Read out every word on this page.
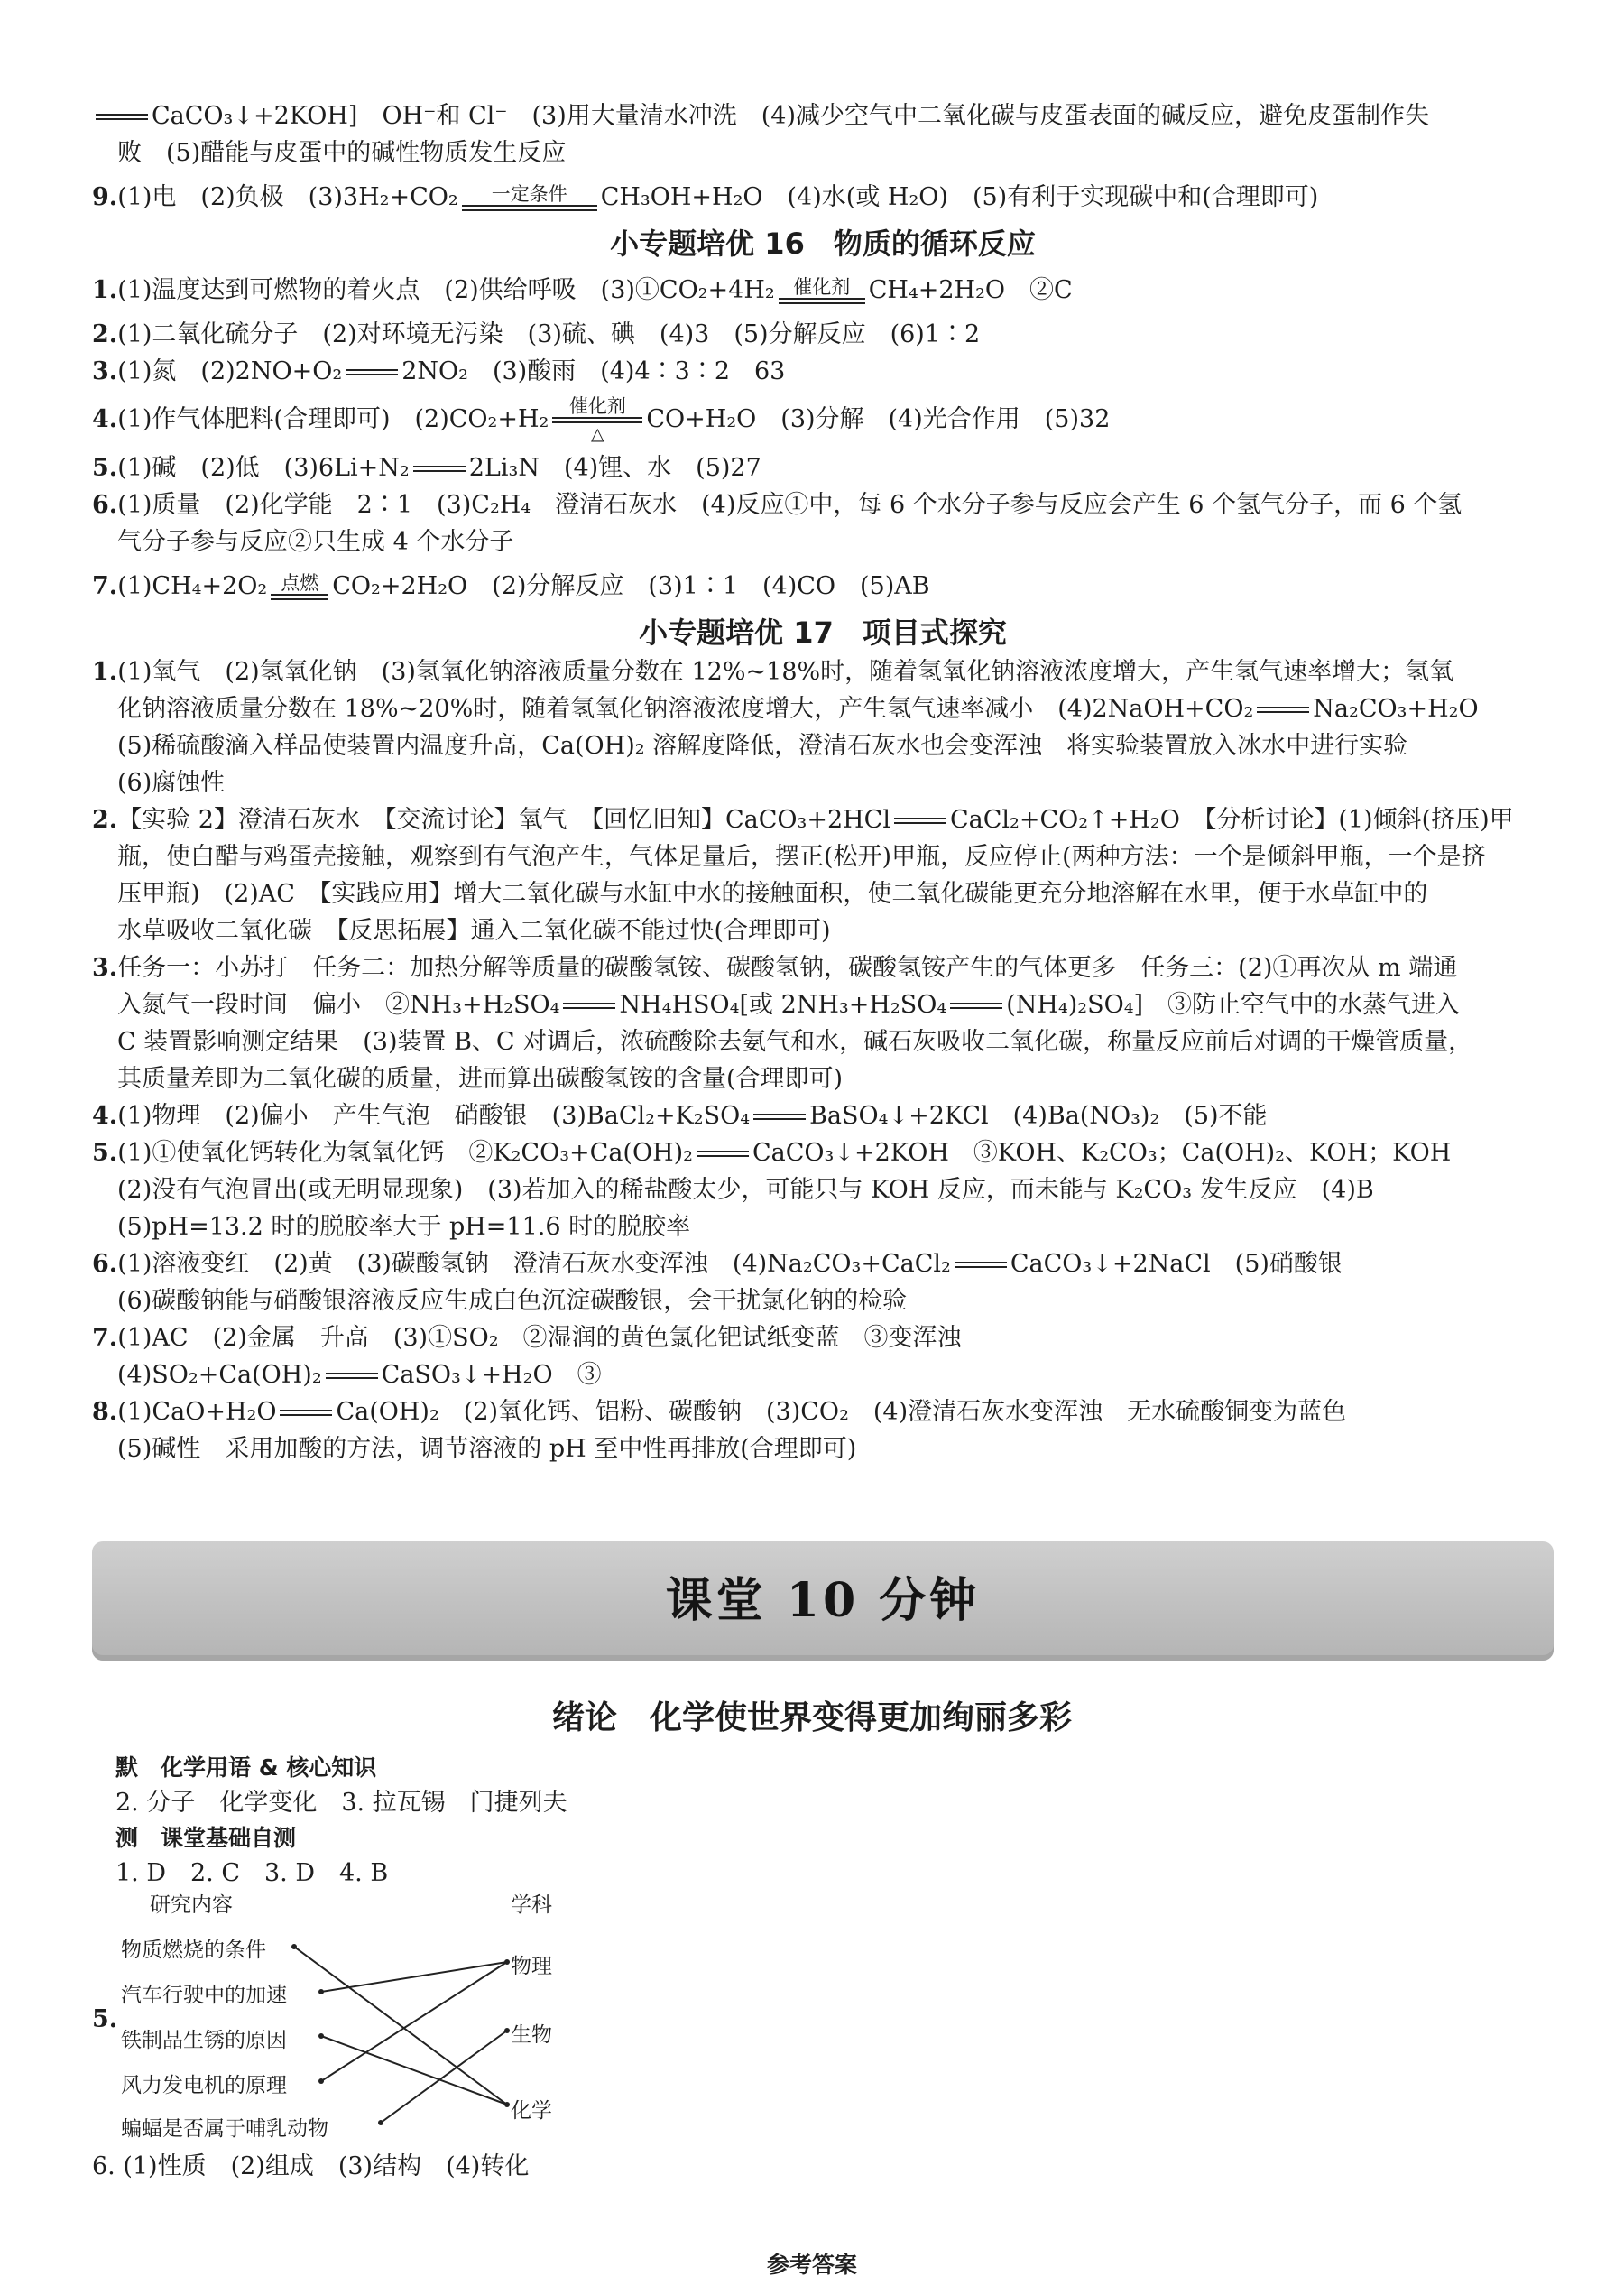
CaCO₃↓+2KOH]　OH⁻和 Cl⁻　(3)用大量清水冲洗　(4)减少空气中二氧化碳与皮蛋表面的碱反应，避免皮蛋制作失
败　(5)醋能与皮蛋中的碱性物质发生反应
9.(1)电　(2)负极　(3)3H₂+CO₂	一定条件	CH₃OH+H₂O　(4)水(或 H₂O)　(5)有利于实现碳中和(合理即可)
小专题培优 16　物质的循环反应
1.(1)温度达到可燃物的着火点　(2)供给呼吸　(3)①CO₂+4H₂ 催化剂 CH₄+2H₂O　②C
2.(1)二氧化硫分子　(2)对环境无污染　(3)硫、碘　(4)3　(5)分解反应　(6)1∶2
3.(1)氮　(2)2NO+O₂ 2NO₂　(3)酸雨　(4)4∶3∶2　63
4.(1)作气体肥料(合理即可)　(2)CO₂+H₂	催化剂
△
CO+H₂O　(3)分解　(4)光合作用　(5)32
5.(1)碱　(2)低　(3)6Li+N₂ 2Li₃N　(4)锂、水　(5)27
6.(1)质量　(2)化学能　2∶1　(3)C₂H₄　澄清石灰水　(4)反应①中，每 6 个水分子参与反应会产生 6 个氢气分子，而 6 个氢
气分子参与反应②只生成 4 个水分子
7.(1)CH₄+2O₂ 点燃 CO₂+2H₂O　(2)分解反应　(3)1∶1　(4)CO　(5)AB
小专题培优 17　项目式探究
1.(1)氧气　(2)氢氧化钠　(3)氢氧化钠溶液质量分数在 12%~18%时，随着氢氧化钠溶液浓度增大，产生氢气速率增大；氢氧
化钠溶液质量分数在 18%~20%时，随着氢氧化钠溶液浓度增大，产生氢气速率减小　(4)2NaOH+CO₂ Na₂CO₃+H₂O
(5)稀硫酸滴入样品使装置内温度升高，Ca(OH)₂ 溶解度降低，澄清石灰水也会变浑浊　将实验装置放入冰水中进行实验
(6)腐蚀性
2.【实验 2】澄清石灰水　【交流讨论】氧气　【回忆旧知】CaCO₃+2HCl CaCl₂+CO₂↑+H₂O　【分析讨论】(1)倾斜(挤压)甲
瓶，使白醋与鸡蛋壳接触，观察到有气泡产生，气体足量后，摆正(松开)甲瓶，反应停止(两种方法：一个是倾斜甲瓶，一个是挤
压甲瓶)　(2)AC　【实践应用】增大二氧化碳与水缸中水的接触面积，使二氧化碳能更充分地溶解在水里，便于水草缸中的
水草吸收二氧化碳　【反思拓展】通入二氧化碳不能过快(合理即可)
3.任务一：小苏打　任务二：加热分解等质量的碳酸氢铵、碳酸氢钠，碳酸氢铵产生的气体更多　任务三：(2)①再次从 m 端通
入氮气一段时间　偏小　②NH₃+H₂SO₄ NH₄HSO₄[或 2NH₃+H₂SO₄ (NH₄)₂SO₄]　③防止空气中的水蒸气进入
C 装置影响测定结果　(3)装置 B、C 对调后，浓硫酸除去氨气和水，碱石灰吸收二氧化碳，称量反应前后对调的干燥管质量，
其质量差即为二氧化碳的质量，进而算出碳酸氢铵的含量(合理即可)
4.(1)物理　(2)偏小　产生气泡　硝酸银　(3)BaCl₂+K₂SO₄ BaSO₄↓+2KCl　(4)Ba(NO₃)₂　(5)不能
5.(1)①使氧化钙转化为氢氧化钙　②K₂CO₃+Ca(OH)₂ CaCO₃↓+2KOH　③KOH、K₂CO₃；Ca(OH)₂、KOH；KOH
(2)没有气泡冒出(或无明显现象)　(3)若加入的稀盐酸太少，可能只与 KOH 反应，而未能与 K₂CO₃ 发生反应　(4)B
(5)pH=13.2 时的脱胶率大于 pH=11.6 时的脱胶率
6.(1)溶液变红　(2)黄　(3)碳酸氢钠　澄清石灰水变浑浊　(4)Na₂CO₃+CaCl₂ CaCO₃↓+2NaCl　(5)硝酸银
(6)碳酸钠能与硝酸银溶液反应生成白色沉淀碳酸银，会干扰氯化钠的检验
7.(1)AC　(2)金属　升高　(3)①SO₂　②湿润的黄色氯化钯试纸变蓝　③变浑浊
(4)SO₂+Ca(OH)₂ CaSO₃↓+H₂O　③
8.(1)CaO+H₂O Ca(OH)₂　(2)氧化钙、铝粉、碳酸钠　(3)CO₂　(4)澄清石灰水变浑浊　无水硫酸铜变为蓝色
(5)碱性　采用加酸的方法，调节溶液的 pH 至中性再排放(合理即可)
课堂 10 分钟
绪论　化学使世界变得更加绚丽多彩
默　化学用语 & 核心知识
2. 分子　化学变化　3. 拉瓦锡　门捷列夫
测　课堂基础自测
1. D　2. C　3. D　4. B
5.
研究内容	学科
物质燃烧的条件
汽车行驶中的加速
铁制品生锈的原因
风力发电机的原理
蝙蝠是否属于哺乳动物
物理
生物
化学
6. (1)性质　(2)组成　(3)结构　(4)转化
参考答案
